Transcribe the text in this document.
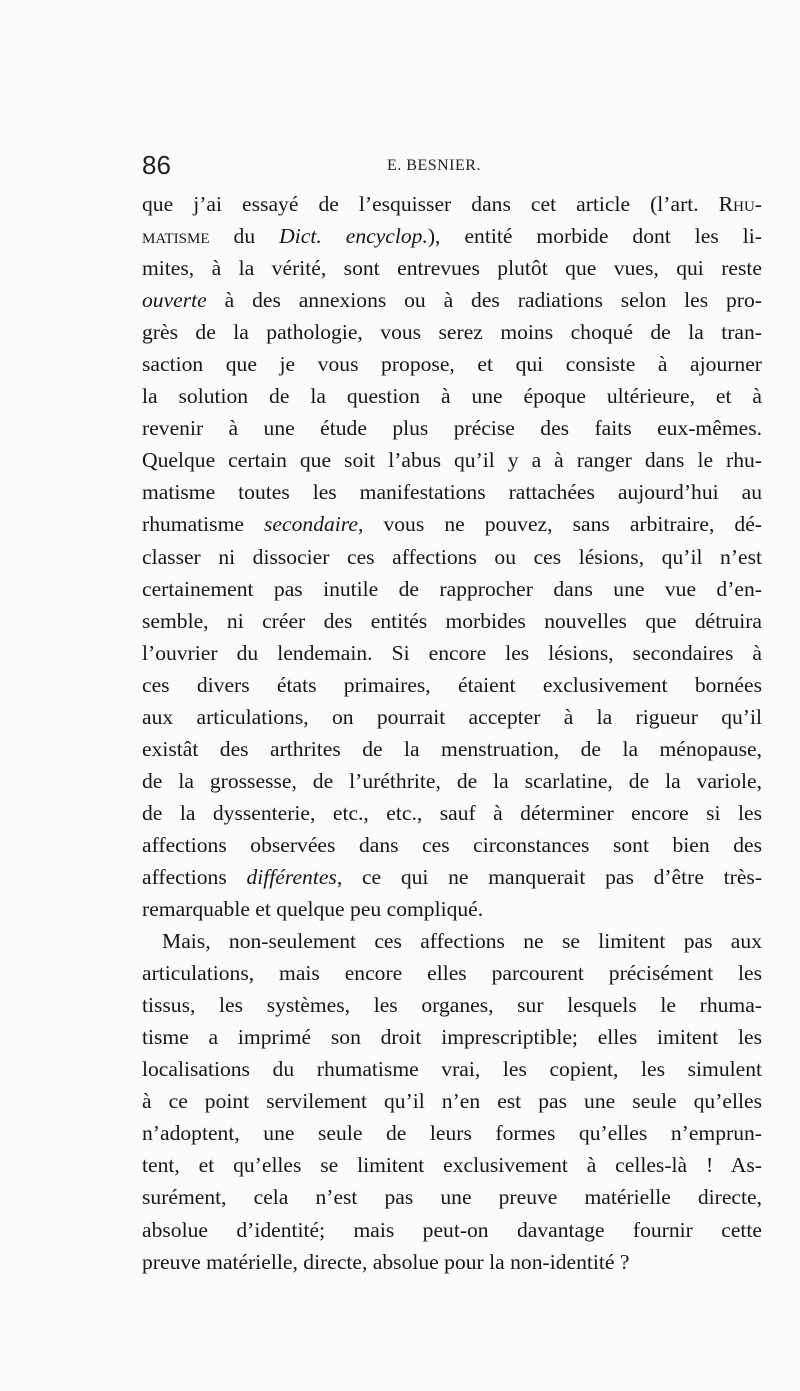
86	E. BESNIER.
que j’ai essayé de l’esquisser dans cet article (l’art. Rhu-
matisme du Dict. encyclop.), entité morbide dont les li-
mites, à la vérité, sont entrevues plutôt que vues, qui reste
ouverte à des annexions ou à des radiations selon les pro-
grès de la pathologie, vous serez moins choqué de la tran-
saction que je vous propose, et qui consiste à ajourner
la solution de la question à une époque ultérieure, et à
revenir à une étude plus précise des faits eux-mêmes.
Quelque certain que soit l’abus qu’il y a à ranger dans le rhu-
matisme toutes les manifestations rattachées aujourd’hui au
rhumatisme secondaire, vous ne pouvez, sans arbitraire, dé-
classer ni dissocier ces affections ou ces lésions, qu’il n’est
certainement pas inutile de rapprocher dans une vue d’en-
semble, ni créer des entités morbides nouvelles que détruira
l’ouvrier du lendemain. Si encore les lésions, secondaires à
ces divers états primaires, étaient exclusivement bornées
aux articulations, on pourrait accepter à la rigueur qu’il
existât des arthrites de la menstruation, de la ménopause,
de la grossesse, de l’uréthrite, de la scarlatine, de la variole,
de la dyssenterie, etc., etc., sauf à déterminer encore si les
affections observées dans ces circonstances sont bien des
affections différentes, ce qui ne manquerait pas d’être très-
remarquable et quelque peu compliqué.
Mais, non-seulement ces affections ne se limitent pas aux
articulations, mais encore elles parcourent précisément les
tissus, les systèmes, les organes, sur lesquels le rhuma-
tisme a imprimé son droit imprescriptible; elles imitent les
localisations du rhumatisme vrai, les copient, les simulent
à ce point servilement qu’il n’en est pas une seule qu’elles
n’adoptent, une seule de leurs formes qu’elles n’emprun-
tent, et qu’elles se limitent exclusivement à celles-là ! As-
surément, cela n’est pas une preuve matérielle directe,
absolue d’identité; mais peut-on davantage fournir cette
preuve matérielle, directe, absolue pour la non-identité ?
